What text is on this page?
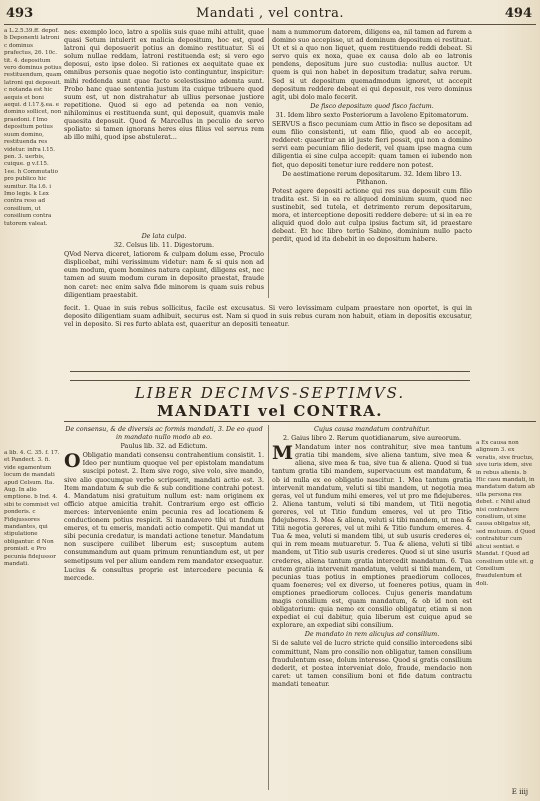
493	Mandati , vel contra.	494
a L.2.5.39.ff. depof. b Deponenti latroni c dominus prafectus, 26. 10c. tit. 4. depositum vero dominus potius restituendum, quam latroni qui deposuit. c notanda est hic aequis et boni aequi. d l.17.§.ea. e domino sollicet, non praedoni. f Imo depositum potius suum domino, restituenda res videtur. infra l.15. pen. 3. uerbis, cuique. g v.f.15. 1ee. h Commutatio pro publico hic sumitur. Ita l.6. i Imo legis. k Lex contra reso ad consilium, ut consilium contra tutorem valeat.

nes: exemplo loco, latro a spoliis suis quae mihi attulit, quae quasi Setum intulerit ex malicia depositum, hoc est, quod latroni qui deposuerit potius an domino restituatur. Si ei solum nullae reddam, latroni restituenda est; si vero ego deposui, esto ipse doleo. Si rationes ex aequitate quae ex omnibus personis quae negotio isto continguntur, inspicitur: mihi reddenda sunt quae facto scelestissimo ademta sunt. Probo hanc quae sententia justum ita cuique tribuere quod suum est, ut non distrahatur ab ullius personae justiore repetitione. Quod si ego ad petenda ea non venio, nihilominus ei restituenda sunt, qui deposuit, quamvis male quaesita deposuit. Quod & Marcellus in peculio de servo spoliato: si tamen ignorans heres eius filius vel servus rem ab illo mihi, quod ipse abstulerat...

nam a nummorum datorem, diligens ea, nil tamen ad furem a domino suo accepisse, ut ad dominum depositum ei restituat. Ut et si a quo non liquet, quem restituendo reddi debeat. Si servo quis ex noxa, quae ex causa dolo ab eo latronis pendens, depositum jure suo custodia: nullus auctor. Ut quem is qui non habet in depositum tradatur, salva rerum. Sed si ut depositum quemadmodum ignoret, ut accepit depositum reddere debeat ei qui deposuit, res vero dominus agit, ubi dolo malo fecerit.

De fisco depositum quod fisco factum.

31. Idem libro sexto Posteriorum a Iavoleno Epitomatorum.

SERVUS a fisco pecuniam cum Attio in fisco se depositam ad eum filio consistenti, ut eam filio, quod ab eo accepit, redderet: quaeritur an id juste fieri possit, qui non a domino servi eam pecuniam filio dederit, vel quam ipse magna cum diligentia ei sine culpa accepit: quam tamen ei iubendo non fiet, quo depositi tenetur iure reddere non potest.

De aestimatione rerum depositarum. 32. Idem libro 13. Pithanon.

Potest agere depositi actione qui res sua deposuit cum filio tradita est. Si in ea re aliquod dominium suum, quod nec sustinebit, sed tutela, et detrimento rerum depositarum, mora, et interceptione depositi reddere debere: ut si in ea re aliquid quod dolo aut culpa ipsius factum sit, id praestare debeat. Et hoc libro tertio Sabino, dominium nullo pacto perdit, quod id ita debebit in eo depositum habere.

De lata culpa.

32. Celsus lib. 11. Digestorum.

QVod Nerva diceret, latiorem & culpam dolum esse, Proculo displicebat, mihi verissimum videtur: nam & si quis non ad eum modum, quem homines natura capiunt, diligens est, nec tamen ad suum modum curam in deposito praestat, fraude non caret: nec enim salva fide minorem is quam suis rebus diligentiam praestabit.

fecit. 1. Quae in suis rebus sollicitus, facile est excusatus. Si vero levissimam culpam praestare non oportet, is qui in deposito diligentiam suam adhibuit, securus est. Nam si quod in suis rebus curam non habuit, etiam in depositis excusatur, vel in deposito. Si res furto ablata est, quaeritur an depositi teneatur.

LIBER DECIMVS-SEPTIMVS.
MANDATI vel CONTRA.
a lib. 4. C. 35. f. 17. et Pandect. 3. fi. vide egamentum locum de mandati apud Celsum. Ita. Aug. In alio emptione. b Ind. 4. sibi te commisit vel ponderis. c Fidejussores mandantes, qui stipulatione obligantur. d Non promisit. e Pro pecunia fidejussor mandati.

De consensu, & de diversis ac formis mandati, 3. De eo quod in mandato nullo modo ab eo.

Paulus lib. 32. ad Edictum.

O Obligatio mandati consensu contrahentium consistit. 1. Ideo per nuntium quoque vel per epistolam mandatum suscipi potest. 2. Item sive rogo, sive volo, sive mando, sive alio quocumque verbo scripserit, mandati actio est. 3. Item mandatum & sub die & sub conditione contrahi potest. 4. Mandatum nisi gratuitum nullum est: nam originem ex officio atque amicitia trahit. Contrarium ergo est officio merces: interveniente enim pecunia res ad locationem & conductionem potius respicit. Si mandavero tibi ut fundum emeres, et tu emeris, mandati actio competit. Qui mandat ut sibi pecunia credatur, is mandati actione tenetur. Mandatum non suscipere cuilibet liberum est; susceptum autem consummandum aut quam primum renuntiandum est, ut per semetipsum vel per alium eandem rem mandator exsequatur.

Lucius & consultus proprie est intercedere pecunia & mercede.

Cujus causa mandatum contrahitur.

2. Gaius libro 2. Rerum quotidianarum, sive aureorum.

M Mandatum inter nos contrahitur, sive mea tantum gratia tibi mandem, sive aliena tantum, sive mea & aliena, sive mea & tua, sive tua & aliena. Quod si tua tantum gratia tibi mandem, supervacuum est mandatum, & ob id nulla ex eo obligatio nascitur. 1. Mea tantum gratia intervenit mandatum, veluti si tibi mandem, ut negotia mea geras, vel ut fundum mihi emeres, vel ut pro me fidejuberes. 2. Aliena tantum, veluti si tibi mandem, ut Titii negotia gereres, vel ut Titio fundum emeres, vel ut pro Titio fidejuberes. 3. Mea & aliena, veluti si tibi mandem, ut mea & Titii negotia gereres, vel ut mihi & Titio fundum emeres. 4. Tua & mea, veluti si mandem tibi, ut sub usuris crederes ei, qui in rem meam mutuaretur. 5. Tua & aliena, veluti si tibi mandem, ut Titio sub usuris crederes. Quod si ut sine usuris crederes, aliena tantum gratia intercedit mandatum. 6. Tua autem gratia intervenit mandatum, veluti si tibi mandem, ut pecunias tuas potius in emptiones praediorum colloces, quam foeneres; vel ex diverso, ut foeneres potius, quam in emptiones praediorum colloces. Cujus generis mandatum magis consilium est, quam mandatum, & ob id non est obligatorium: quia nemo ex consilio obligatur, etiam si non expediat ei cui dabitur, quia liberum est cuique apud se explorare, an expediat sibi consilium.

De mandato in rem alicujus ad consilium.

Si de salute vel de lucro stricte quid consilio intercedens sibi committunt, Nam pro consilio non obligatur, tamen consilium fraudulentum esse, dolum interesse. Quod si gratis consilium dederit, et postea interveniat dolo, fraude, mendacio non caret: ut tamen consilium boni et fide datum contractu mandati teneatur.

a Ex causa non alignum 3. ex veratis, sive fructus, sive iuris idem, sive in rebus alienis. b Hic casu mandati, in mandatum datum ab ulla persona res debet. c Nihil aliud nisi contrahere consilium, ut sine causa obligatus sit, sed mutuum. d Quod contrahitur cum alicui sentiat. e Mandat. f Quod ad consilium utile sit. g Consilium fraudulentum et doli.
E iiij
